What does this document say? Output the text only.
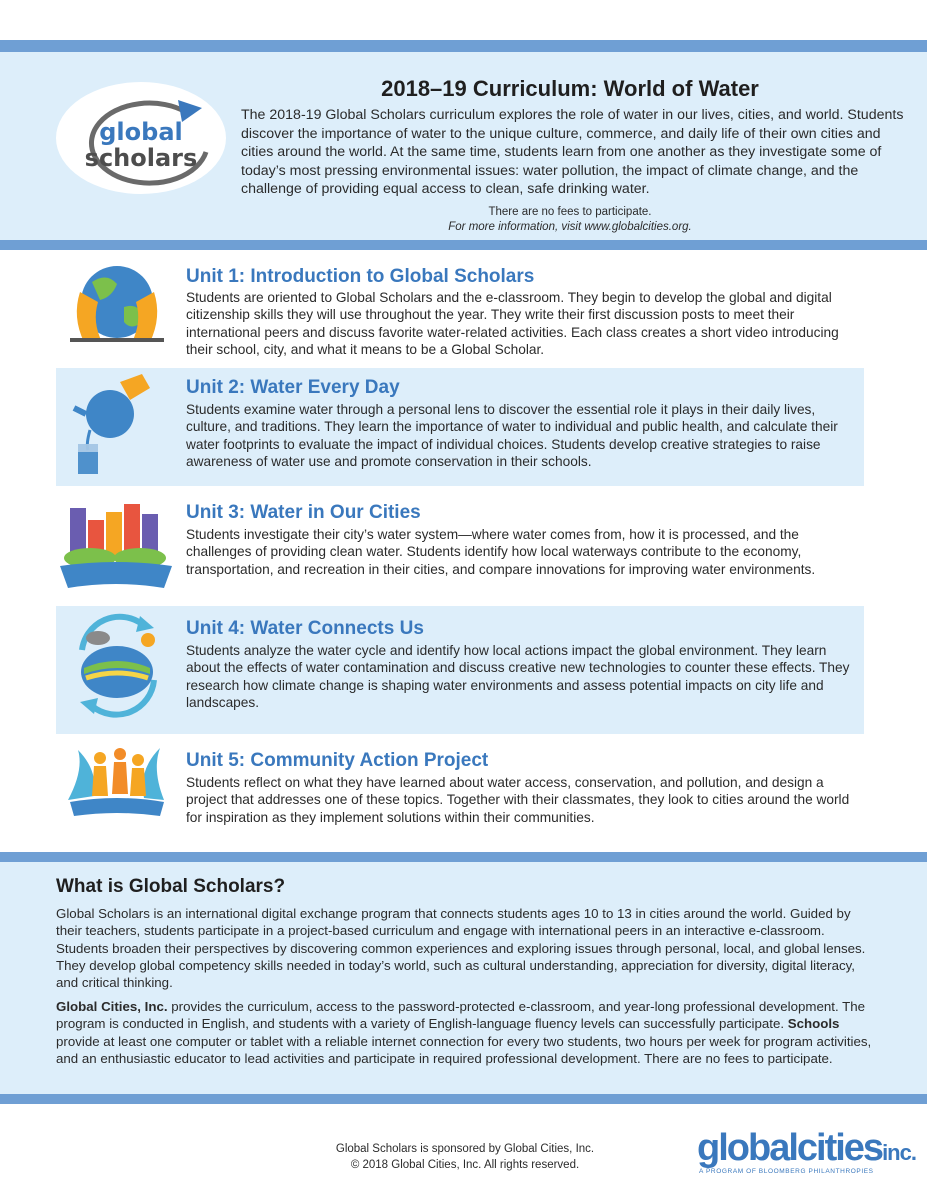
global
scholars
2018–19 Curriculum: World of Water
The 2018-19 Global Scholars curriculum explores the role of water in our lives, cities, and world. Students discover the importance of water to the unique culture, commerce, and daily life of their own cities and cities around the world. At the same time, students learn from one another as they investigate some of today’s most pressing environmental issues: water pollution, the impact of climate change, and the challenge of providing equal access to clean, safe drinking water.
There are no fees to participate.
For more information, visit www.globalcities.org.
Unit 1: Introduction to Global Scholars
Students are oriented to Global Scholars and the e-classroom. They begin to develop the global and digital citizenship skills they will use throughout the year. They write their first discussion posts to meet their international peers and discuss favorite water-related activities. Each class creates a short video introducing their school, city, and what it means to be a Global Scholar.
Unit 2: Water Every Day
Students examine water through a personal lens to discover the essential role it plays in their daily lives, culture, and traditions. They learn the importance of water to individual and public health, and calculate their water footprints to evaluate the impact of individual choices. Students develop creative strategies to raise awareness of water use and promote conservation in their schools.
Unit 3: Water in Our Cities
Students investigate their city’s water system—where water comes from, how it is processed, and the challenges of providing clean water. Students identify how local waterways contribute to the economy, transportation, and recreation in their cities, and compare innovations for improving water environments.
Unit 4: Water Connects Us
Students analyze the water cycle and identify how local actions impact the global environment. They learn about the effects of water contamination and discuss creative new technologies to counter these effects. They research how climate change is shaping water environments and assess potential impacts on city life and landscapes.
Unit 5: Community Action Project
Students reflect on what they have learned about water access, conservation, and pollution, and design a project that addresses one of these topics. Together with their classmates, they look to cities around the world for inspiration as they implement solutions within their communities.
What is Global Scholars?
Global Scholars is an international digital exchange program that connects students ages 10 to 13 in cities around the world. Guided by their teachers, students participate in a project-based curriculum and engage with international peers in an interactive e-classroom. Students broaden their perspectives by discovering common experiences and exploring issues through personal, local, and global lenses. They develop global competency skills needed in today’s world, such as cultural understanding, appreciation for diversity, digital literacy, and critical thinking.
Global Cities, Inc. provides the curriculum, access to the password-protected e-classroom, and year-long professional development. The program is conducted in English, and students with a variety of English-language fluency levels can successfully participate. Schools provide at least one computer or tablet with a reliable internet connection for every two students, two hours per week for program activities, and an enthusiastic educator to lead activities and participate in required professional development. There are no fees to participate.
Global Scholars is sponsored by Global Cities, Inc.
© 2018 Global Cities, Inc. All rights reserved.	globalcitiesinc.
A PROGRAM OF BLOOMBERG PHILANTHROPIES
